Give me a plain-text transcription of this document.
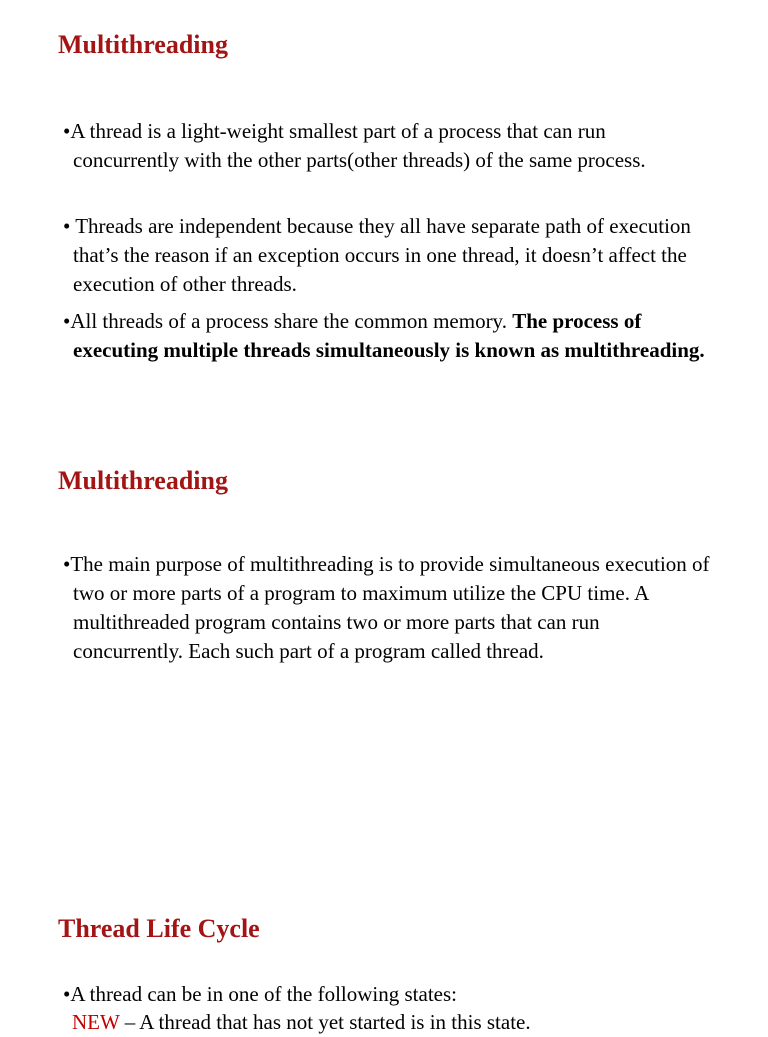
Multithreading

•A thread is a light-weight smallest part of a process that can run concurrently with the other parts(other threads) of the same process.

• Threads are independent because they all have separate path of execution that’s the reason if an exception occurs in one thread, it doesn’t affect the execution of other threads.

•All threads of a process share the common memory. The process of executing multiple threads simultaneously is known as multithreading.

Multithreading

•The main purpose of multithreading is to provide simultaneous execution of two or more parts of a program to maximum utilize the CPU time. A multithreaded program contains two or more parts that can run concurrently. Each such part of a program called thread.

Thread Life Cycle

•A thread can be in one of the following states:

NEW – A thread that has not yet started is in this state.
